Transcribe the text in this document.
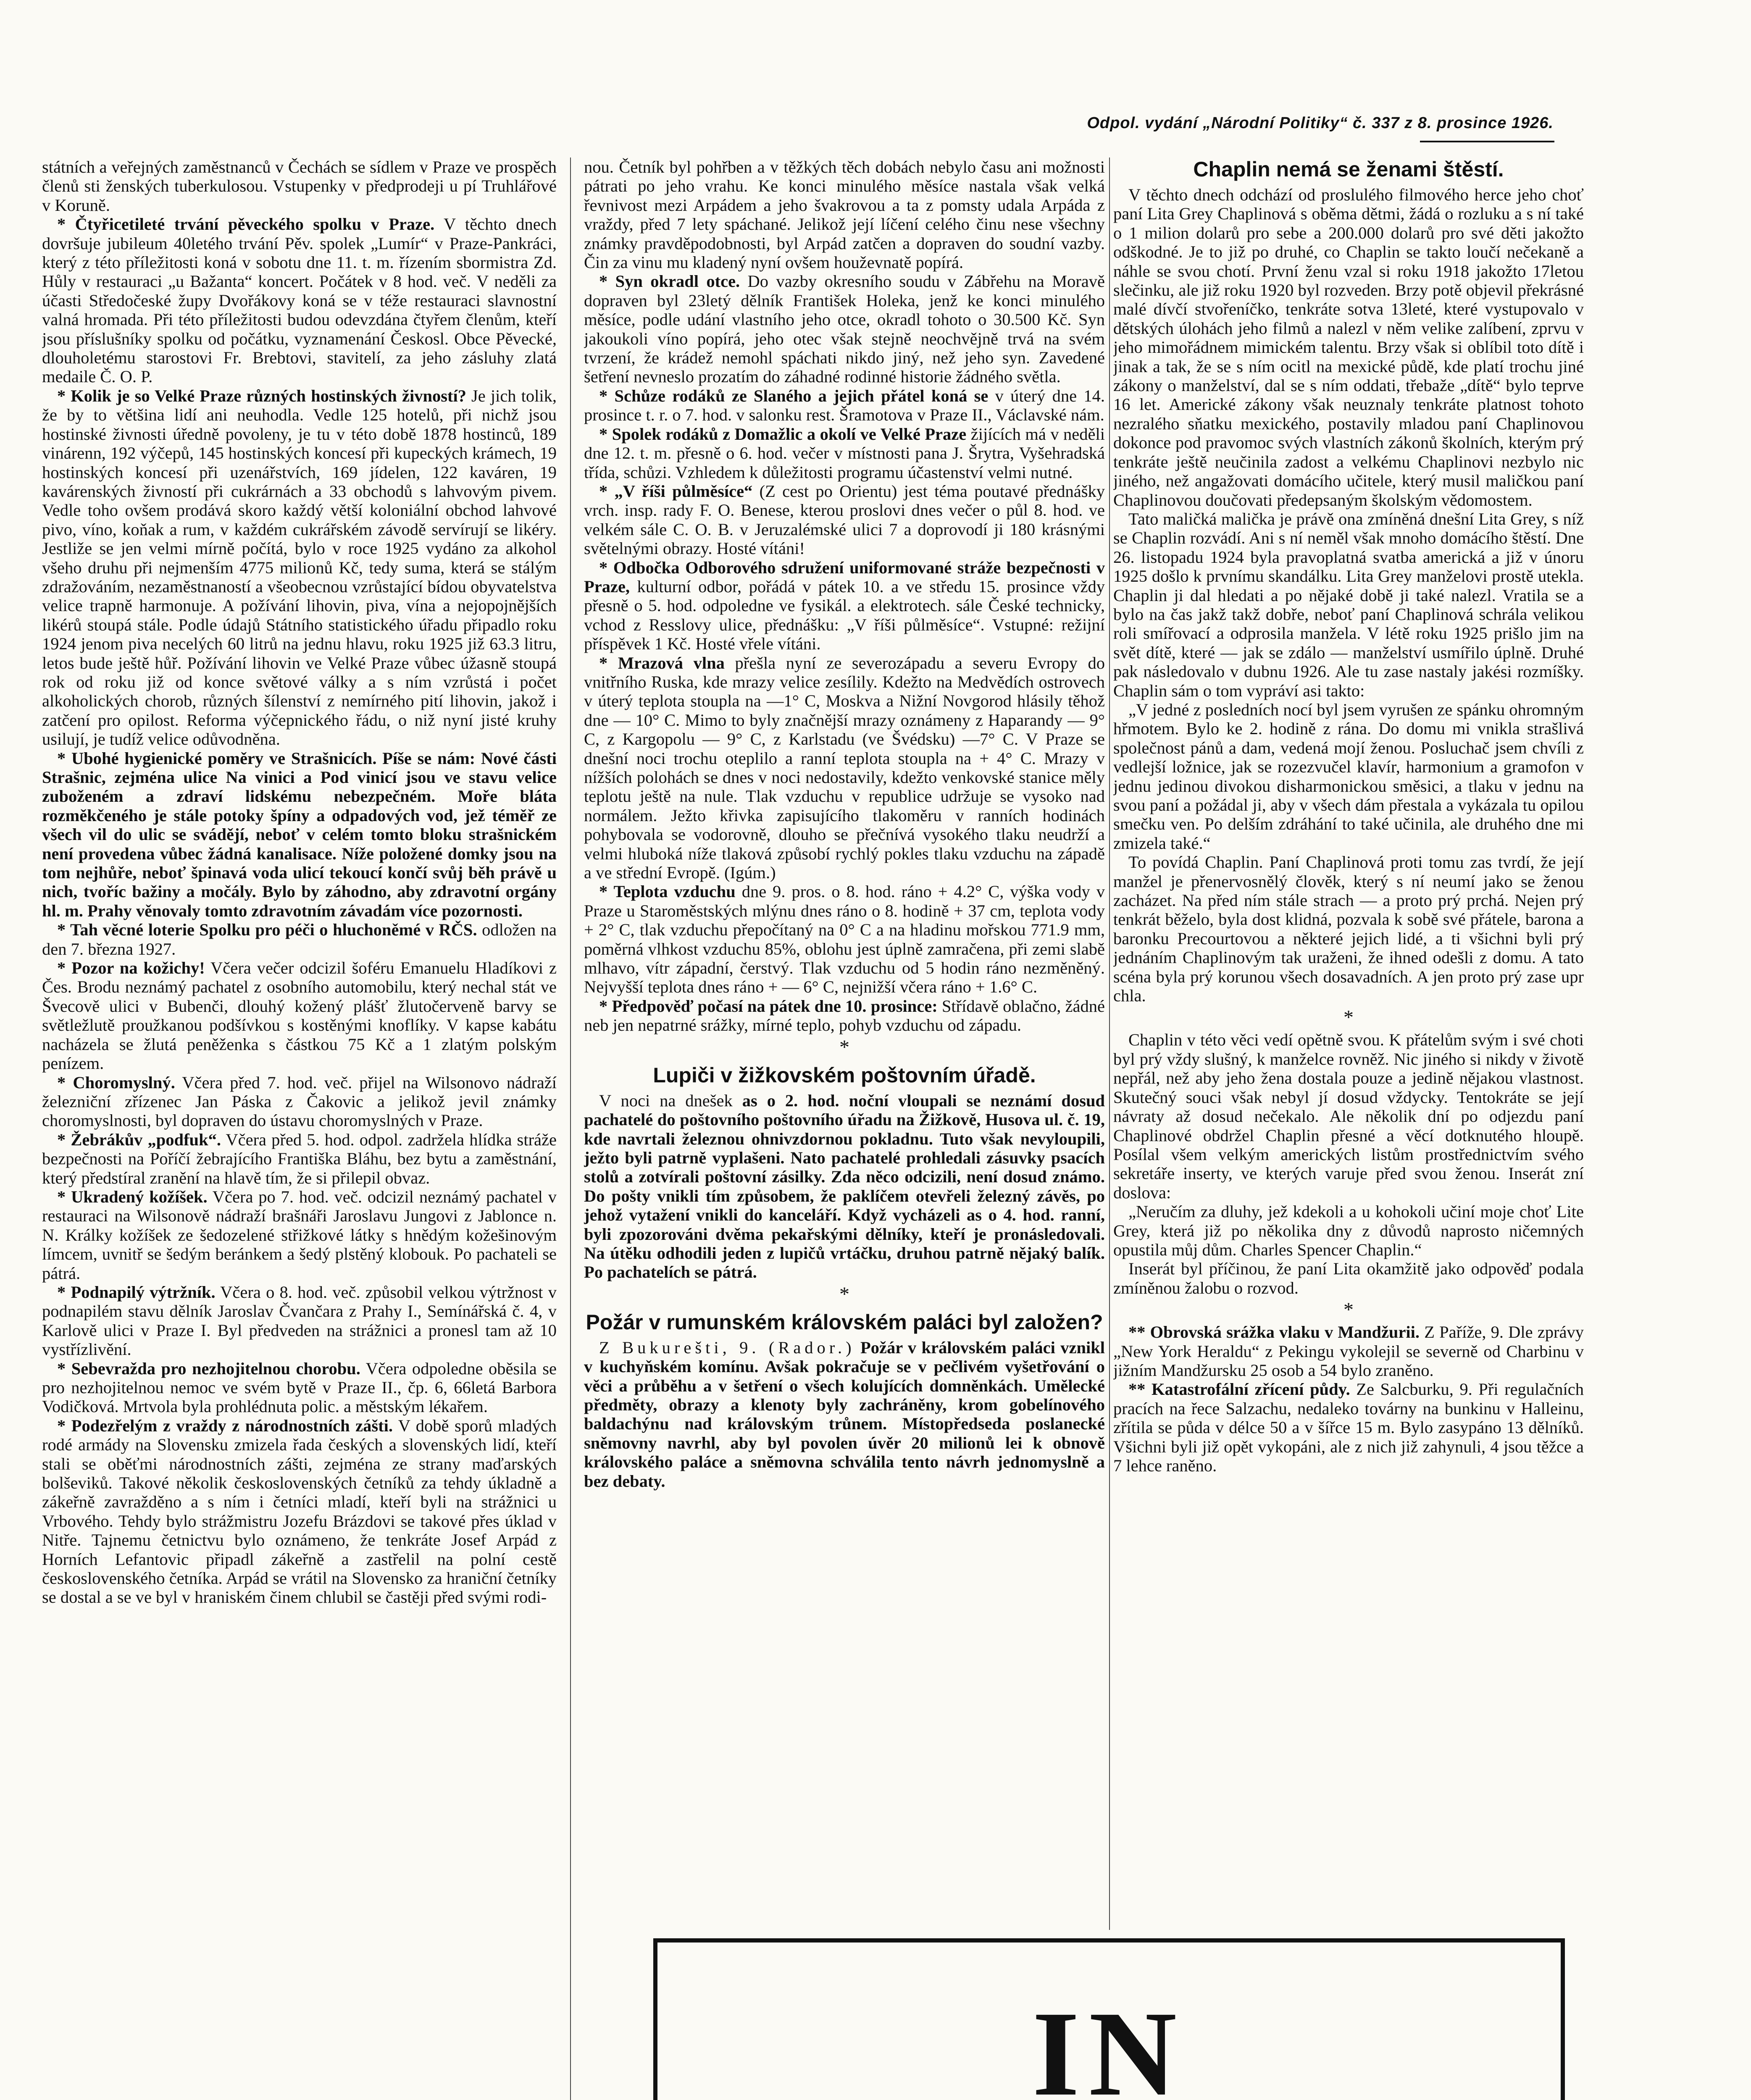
Odpol. vydání „Národní Politiky“ č. 337 z 8. prosince 1926.

státních a veřejných zaměstnanců v Čechách se sídlem v Praze ve prospěch členů sti ženských tuberkulosou. Vstupenky v předprodeji u pí Truhlářové v Koruně.

* Čtyřicetileté trvání pěveckého spolku v Praze. V těchto dnech dovršuje jubileum 40letého trvání Pěv. spolek „Lumír“ v Praze-Pankráci, který z této příležitosti koná v sobotu dne 11. t. m. řízením sbormistra Zd. Hůly v restauraci „u Bažanta“ koncert. Počátek v 8 hod. več. V neděli za účasti Středočeské župy Dvořákovy koná se v téže restauraci slavnostní valná hromada. Při této příležitosti budou odevzdána čtyřem členům, kteří jsou příslušníky spolku od počátku, vyznamenání Českosl. Obce Pěvecké, dlouholetému starostovi Fr. Brebtovi, stavitelí, za jeho zásluhy zlatá medaile Č. O. P.

* Kolik je so Velké Praze různých hostinských živností? Je jich tolik, že by to většina lidí ani neuhodla. Vedle 125 hotelů, při nichž jsou hostinské živnosti úředně povoleny, je tu v této době 1878 hostinců, 189 vinárenn, 192 výčepů, 145 hostinských koncesí při kupeckých krámech, 19 hostinských koncesí při uzenářstvích, 169 jídelen, 122 kaváren, 19 kavárenských živností při cukrárnách a 33 obchodů s lahvovým pivem. Vedle toho ovšem prodává skoro každý větší koloniální obchod lahvové pivo, víno, koňak a rum, v každém cukrářském závodě servírují se likéry. Jestliže se jen velmi mírně počítá, bylo v roce 1925 vydáno za alkohol všeho druhu při nejmenším 4775 milionů Kč, tedy suma, která se stálým zdražováním, nezaměstnaností a všeobecnou vzrůstající bídou obyvatelstva velice trapně harmonuje. A požívání lihovin, piva, vína a nejopojnějších likérů stoupá stále. Podle údajů Státního statistického úřadu připadlo roku 1924 jenom piva necelých 60 litrů na jednu hlavu, roku 1925 již 63.3 litru, letos bude ještě hůř. Požívání lihovin ve Velké Praze vůbec úžasně stoupá rok od roku již od konce světové války a s ním vzrůstá i počet alkoholických chorob, různých šílenství z nemírného pití lihovin, jakož i zatčení pro opilost. Reforma výčepnického řádu, o niž nyní jisté kruhy usilují, je tudíž velice odůvodněna.

* Ubohé hygienické poměry ve Strašnicích. Píše se nám: Nové části Strašnic, zejména ulice Na vinici a Pod vinicí jsou ve stavu velice zuboženém a zdraví lidskému nebezpečném. Moře bláta rozměkčeného je stále potoky špíny a odpadových vod, jež téměř ze všech vil do ulic se svádějí, neboť v celém tomto bloku strašnickém není provedena vůbec žádná kanalisace. Níže položené domky jsou na tom nejhůře, neboť špinavá voda ulicí tekoucí končí svůj běh právě u nich, tvoříc bažiny a močály. Bylo by záhodno, aby zdravotní orgány hl. m. Prahy věnovaly tomto zdravotním závadám více pozornosti.

* Tah věcné loterie Spolku pro péči o hluchoněmé v RČS. odložen na den 7. března 1927.

* Pozor na kožichy! Včera večer odcizil šoféru Emanuelu Hladíkovi z Čes. Brodu neznámý pachatel z osobního automobilu, který nechal stát ve Švecově ulici v Bubenči, dlouhý kožený plášť žlutočerveně barvy se světležlutě proužkanou podšívkou s kostěnými knoflíky. V kapse kabátu nacházela se žlutá peněženka s částkou 75 Kč a 1 zlatým polským penízem.

* Choromyslný. Včera před 7. hod. več. přijel na Wilsonovo nádraží železniční zřízenec Jan Páska z Čakovic a jelikož jevil známky choromyslnosti, byl dopraven do ústavu choromyslných v Praze.

* Žebrákův „podfuk“. Včera před 5. hod. odpol. zadržela hlídka stráže bezpečnosti na Poříčí žebrajícího Františka Bláhu, bez bytu a zaměstnání, který předstíral zranění na hlavě tím, že si přilepil obvaz.

* Ukradený kožíšek. Včera po 7. hod. več. odcizil neznámý pachatel v restauraci na Wilsonově nádraží brašnáři Jaroslavu Jungovi z Jablonce n. N. Králky kožíšek ze šedozelené střižkové látky s hnědým kožešinovým límcem, uvnitř se šedým beránkem a šedý plstěný klobouk. Po pachateli se pátrá.

* Podnapilý výtržník. Včera o 8. hod. več. způsobil velkou výtržnost v podnapilém stavu dělník Jaroslav Čvančara z Prahy I., Semínářská č. 4, v Karlově ulici v Praze I. Byl předveden na strážnici a pronesl tam až 10 vystřízlivění.

* Sebevražda pro nezhojitelnou chorobu. Včera odpoledne oběsila se pro nezhojitelnou nemoc ve svém bytě v Praze II., čp. 6, 66letá Barbora Vodičková. Mrtvola byla prohlédnuta polic. a městským lékařem.

* Podezřelým z vraždy z národnostních zášti. V době sporů mladých rodé armády na Slovensku zmizela řada českých a slovenských lidí, kteří stali se oběťmi národnostních zášti, zejména ze strany maďarských bolševiků. Takové několik československých četníků za tehdy úkladně a zákeřně zavražděno a s ním i četníci mladí, kteří byli na strážnici u Vrbového. Tehdy bylo strážmistru Jozefu Brázdovi se takové přes úklad v Nitře. Tajnemu četnictvu bylo oznámeno, že tenkráte Josef Arpád z Horních Lefantovic připadl zákeřně a zastřelil na polní cestě československého četníka. Arpád se vrátil na Slovensko za hraniční četníky se dostal a se ve byl v hraniském činem chlubil se častěji před svými rodi-

nou. Četník byl pohřben a v těžkých těch dobách nebylo času ani možnosti pátrati po jeho vrahu. Ke konci minulého měsíce nastala však velká řevnivost mezi Arpádem a jeho švakrovou a ta z pomsty udala Arpáda z vraždy, před 7 lety spáchané. Jelikož její líčení celého činu nese všechny známky pravděpodobnosti, byl Arpád zatčen a dopraven do soudní vazby. Čin za vinu mu kladený nyní ovšem houževnatě popírá.

* Syn okradl otce. Do vazby okresního soudu v Zábřehu na Moravě dopraven byl 23letý dělník František Holeka, jenž ke konci minulého měsíce, podle udání vlastního jeho otce, okradl tohoto o 30.500 Kč. Syn jakoukoli víno popírá, jeho otec však stejně neochvějně trvá na svém tvrzení, že krádež nemohl spáchati nikdo jiný, než jeho syn. Zavedené šetření nevneslo prozatím do záhadné rodinné historie žádného světla.

* Schůze rodáků ze Slaného a jejich přátel koná se v úterý dne 14. prosince t. r. o 7. hod. v salonku rest. Šramotova v Praze II., Václavské nám.

* Spolek rodáků z Domažlic a okolí ve Velké Praze žijících má v neděli dne 12. t. m. přesně o 6. hod. večer v místnosti pana J. Šrytra, Vyšehradská třída, schůzi. Vzhledem k důležitosti programu účastenství velmi nutné.

* „V říši půlměsíce“ (Z cest po Orientu) jest téma poutavé přednášky vrch. insp. rady F. O. Benese, kterou proslovi dnes večer o půl 8. hod. ve velkém sále C. O. B. v Jeruzalémské ulici 7 a doprovodí ji 180 krásnými světelnými obrazy. Hosté vítáni!

* Odbočka Odborového sdružení uniformované stráže bezpečnosti v Praze, kulturní odbor, pořádá v pátek 10. a ve středu 15. prosince vždy přesně o 5. hod. odpoledne ve fysikál. a elektrotech. sále České technicky, vchod z Resslovy ulice, přednášku: „V říši půlměsíce“. Vstupné: režijní příspěvek 1 Kč. Hosté vřele vítáni.

* Mrazová vlna přešla nyní ze severozápadu a severu Evropy do vnitřního Ruska, kde mrazy velice zesílily. Kdežto na Medvědích ostrovech v úterý teplota stoupla na —1° C, Moskva a Nižní Novgorod hlásily těhož dne — 10° C. Mimo to byly značnější mrazy oznámeny z Haparandy — 9° C, z Kargopolu — 9° C, z Karlstadu (ve Švédsku) —7° C. V Praze se dnešní noci trochu oteplilo a ranní teplota stoupla na + 4° C. Mrazy v nížších polohách se dnes v noci nedostavily, kdežto venkovské stanice měly teplotu ještě na nule. Tlak vzduchu v republice udržuje se vysoko nad normálem. Ježto křivka zapisujícího tlakoměru v ranních hodinách pohybovala se vodorovně, dlouho se přečnívá vysokého tlaku neudrží a velmi hluboká níže tlaková způsobí rychlý pokles tlaku vzduchu na západě a ve střední Evropě. (Igúm.)

* Teplota vzduchu dne 9. pros. o 8. hod. ráno + 4.2° C, výška vody v Praze u Staroměstských mlýnu dnes ráno o 8. hodině + 37 cm, teplota vody + 2° C, tlak vzduchu přepočítaný na 0° C a na hladinu mořskou 771.9 mm, poměrná vlhkost vzduchu 85%, oblohu jest úplně zamračena, při zemi slabě mlhavo, vítr západní, čerstvý. Tlak vzduchu od 5 hodin ráno nezměněný. Nejvyšší teplota dnes ráno + — 6° C, nejnižší včera ráno + 1.6° C.

* Předpověď počasí na pátek dne 10. prosince: Střídavě oblačno, žádné neb jen nepatrné srážky, mírné teplo, pohyb vzduchu od západu.

*
Lupiči v žižkovském poštovním úřadě.

V noci na dnešek as o 2. hod. noční vloupali se neznámí dosud pachatelé do poštovního poštovního úřadu na Žižkově, Husova ul. č. 19, kde navrtali železnou ohnivzdornou pokladnu. Tuto však nevyloupili, ježto byli patrně vyplašeni. Nato pachatelé prohledali zásuvky psacích stolů a zotvírali poštovní zásilky. Zda něco odcizili, není dosud známo. Do pošty vnikli tím způsobem, že paklíčem otevřeli železný závěs, po jehož vytažení vnikli do kanceláří. Když vycházeli as o 4. hod. ranní, byli zpozorováni dvěma pekařskými dělníky, kteří je pronásledovali. Na útěku odhodili jeden z lupičů vrtáčku, druhou patrně nějaký balík. Po pachatelích se pátrá.

*
Požár v rumunském královském paláci byl založen?

Z Bukurešti, 9. (Rador.) Požár v královském paláci vznikl v kuchyňském komínu. Avšak pokračuje se v pečlivém vyšetřování o věci a průběhu a v šetření o všech kolujících domněnkách. Umělecké předměty, obrazy a klenoty byly zachráněny, krom gobelínového baldachýnu nad královským trůnem. Místopředseda poslanecké sněmovny navrhl, aby byl povolen úvěr 20 milionů lei k obnově královského paláce a sněmovna schválila tento návrh jednomyslně a bez debaty.

Chaplin nemá se ženami štěstí.

V těchto dnech odchází od proslulého filmového herce jeho choť paní Lita Grey Chaplinová s oběma dětmi, žádá o rozluku a s ní také o 1 milion dolarů pro sebe a 200.000 dolarů pro své děti jakožto odškodné. Je to již po druhé, co Chaplin se takto loučí nečekaně a náhle se svou chotí. První ženu vzal si roku 1918 jakožto 17letou slečinku, ale již roku 1920 byl rozveden. Brzy potě objevil překrásné malé dívčí stvořeníčko, tenkráte sotva 13leté, které vystupovalo v dětských úlohách jeho filmů a nalezl v něm velike zalíbení, zprvu v jeho mimořádnem mimickém talentu. Brzy však si oblíbil toto dítě i jinak a tak, že se s ním ocitl na mexické půdě, kde platí trochu jiné zákony o manželství, dal se s ním oddati, třebaže „dítě“ bylo teprve 16 let. Americké zákony však neuznaly tenkráte platnost tohoto nezralého sňatku mexického, postavily mladou paní Chaplinovou dokonce pod pravomoc svých vlastních zákonů školních, kterým prý tenkráte ještě neučinila zadost a velkému Chaplinovi nezbylo nic jiného, než angažovati domácího učitele, který musil maličkou paní Chaplinovou doučovati předepsaným školským vědomostem.

Tato maličká malička je právě ona zmíněná dnešní Lita Grey, s níž se Chaplin rozvádí. Ani s ní neměl však mnoho domácího štěstí. Dne 26. listopadu 1924 byla pravoplatná svatba americká a již v únoru 1925 došlo k prvnímu skandálku. Lita Grey manželovi prostě utekla. Chaplin ji dal hledati a po nějaké době ji také nalezl. Vratila se a bylo na čas jakž takž dobře, neboť paní Chaplinová schrála velikou roli smířovací a odprosila manžela. V létě roku 1925 prišlo jim na svět dítě, které — jak se zdálo — manželství usmířilo úplně. Druhé pak následovalo v dubnu 1926. Ale tu zase nastaly jakési rozmíšky. Chaplin sám o tom vypráví asi takto:

„V jedné z posledních nocí byl jsem vyrušen ze spánku ohromným hřmotem. Bylo ke 2. hodině z rána. Do domu mi vnikla strašlivá společnost pánů a dam, vedená mojí ženou. Posluchač jsem chvíli z vedlejší ložnice, jak se rozezvučel klavír, harmonium a gramofon v jednu jedinou divokou disharmonickou směsici, a tlaku v jednu na svou paní a požádal ji, aby v všech dám přestala a vykázala tu opilou smečku ven. Po delším zdráhání to také učinila, ale druhého dne mi zmizela také.“

To povídá Chaplin. Paní Chaplinová proti tomu zas tvrdí, že její manžel je přenervosnělý člověk, který s ní neumí jako se ženou zacházet. Na před ním stále strach — a proto prý prchá. Nejen prý tenkrát běželo, byla dost klidná, pozvala k sobě své přátele, barona a baronku Precourtovou a některé jejich lidé, a ti všichni byli prý jednáním Chaplinovým tak uraženi, že ihned odešli z domu. A tato scéna byla prý korunou všech dosavadních. A jen proto prý zase upr chla.

*

Chaplin v této věci vedí opětně svou. K přátelům svým i své choti byl prý vždy slušný, k manželce rovněž. Nic jiného si nikdy v životě nepřál, než aby jeho žena dostala pouze a jedině nějakou vlastnost. Skutečný souci však nebyl jí dosud vždycky. Tentokráte se její návraty až dosud nečekalo. Ale několik dní po odjezdu paní Chaplinové obdržel Chaplin přesné a věcí dotknutého hloupě. Posílal všem velkým amerických listům prostřednictvím svého sekretáře inserty, ve kterých varuje před svou ženou. Inserát zní doslova:

„Neručím za dluhy, jež kdekoli a u kohokoli učiní moje choť Lite Grey, která již po několika dny z důvodů naprosto ničemných opustila můj dům. Charles Spencer Chaplin.“

Inserát byl příčinou, že paní Lita okamžitě jako odpověď podala zmíněnou žalobu o rozvod.

*

** Obrovská srážka vlaku v Mandžurii. Z Paříže, 9. Dle zprávy „New York Heraldu“ z Pekingu vykolejil se severně od Charbinu v jižním Mandžursku 25 osob a 54 bylo zraněno.

** Katastrofální zřícení půdy. Ze Salcburku, 9. Při regulačních pracích na řece Salzachu, nedaleko továrny na bunkinu v Halleinu, zřítila se půda v délce 50 a v šířce 15 m. Bylo zasypáno 13 dělníků. Všichni byli již opět vykopáni, ale z nich již zahynuli, 4 jsou těžce a 7 lehce raněno.

IN
